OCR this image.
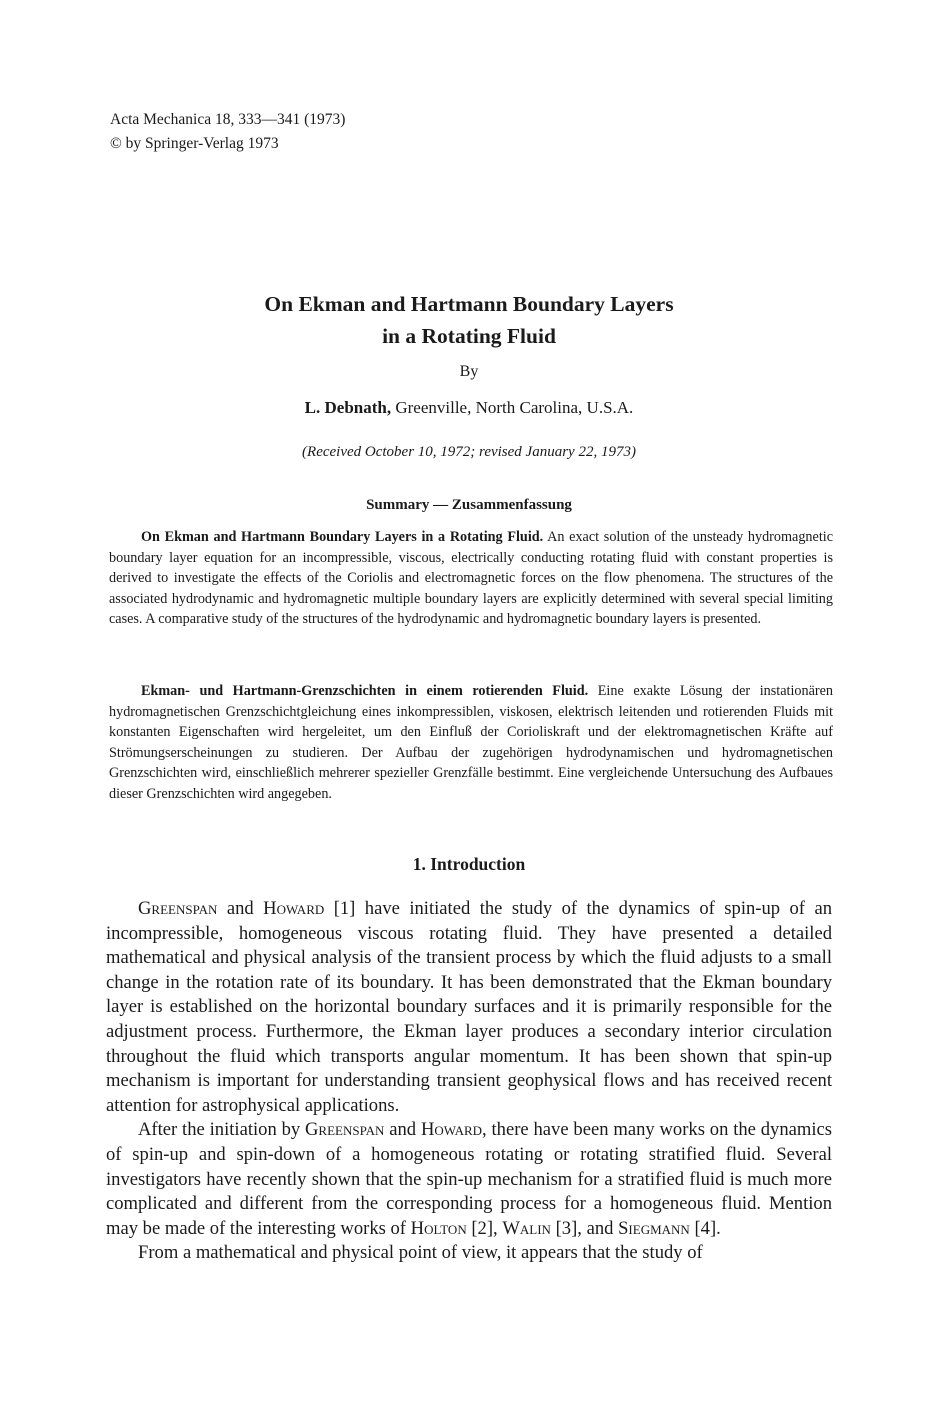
Acta Mechanica 18, 333—341 (1973)
© by Springer-Verlag 1973
On Ekman and Hartmann Boundary Layers
in a Rotating Fluid
By
L. Debnath, Greenville, North Carolina, U.S.A.
(Received October 10, 1972; revised January 22, 1973)
Summary — Zusammenfassung

On Ekman and Hartmann Boundary Layers in a Rotating Fluid. An exact solution of the unsteady hydromagnetic boundary layer equation for an incompressible, viscous, electrically conducting rotating fluid with constant properties is derived to investigate the effects of the Coriolis and electromagnetic forces on the flow phenomena. The structures of the associated hydrodynamic and hydromagnetic multiple boundary layers are explicitly determined with several special limiting cases. A comparative study of the structures of the hydrodynamic and hydromagnetic boundary layers is presented.

Ekman- und Hartmann-Grenzschichten in einem rotierenden Fluid. Eine exakte Lösung der instationären hydromagnetischen Grenzschichtgleichung eines inkompressiblen, viskosen, elektrisch leitenden und rotierenden Fluids mit konstanten Eigenschaften wird hergeleitet, um den Einfluß der Corioliskraft und der elektromagnetischen Kräfte auf Strömungserscheinungen zu studieren. Der Aufbau der zugehörigen hydrodynamischen und hydromagnetischen Grenzschichten wird, einschließlich mehrerer spezieller Grenzfälle bestimmt. Eine vergleichende Untersuchung des Aufbaues dieser Grenzschichten wird angegeben.

1. Introduction

Greenspan and Howard [1] have initiated the study of the dynamics of spin-up of an incompressible, homogeneous viscous rotating fluid. They have presented a detailed mathematical and physical analysis of the transient process by which the fluid adjusts to a small change in the rotation rate of its boundary. It has been demonstrated that the Ekman boundary layer is established on the horizontal boundary surfaces and it is primarily responsible for the adjustment process. Furthermore, the Ekman layer produces a secondary interior circulation throughout the fluid which transports angular momentum. It has been shown that spin-up mechanism is important for understanding transient geophysical flows and has received recent attention for astrophysical applications.

After the initiation by Greenspan and Howard, there have been many works on the dynamics of spin-up and spin-down of a homogeneous rotating or rotating stratified fluid. Several investigators have recently shown that the spin-up mechanism for a stratified fluid is much more complicated and different from the corresponding process for a homogeneous fluid. Mention may be made of the interesting works of Holton [2], Walin [3], and Siegmann [4].

From a mathematical and physical point of view, it appears that the study of
